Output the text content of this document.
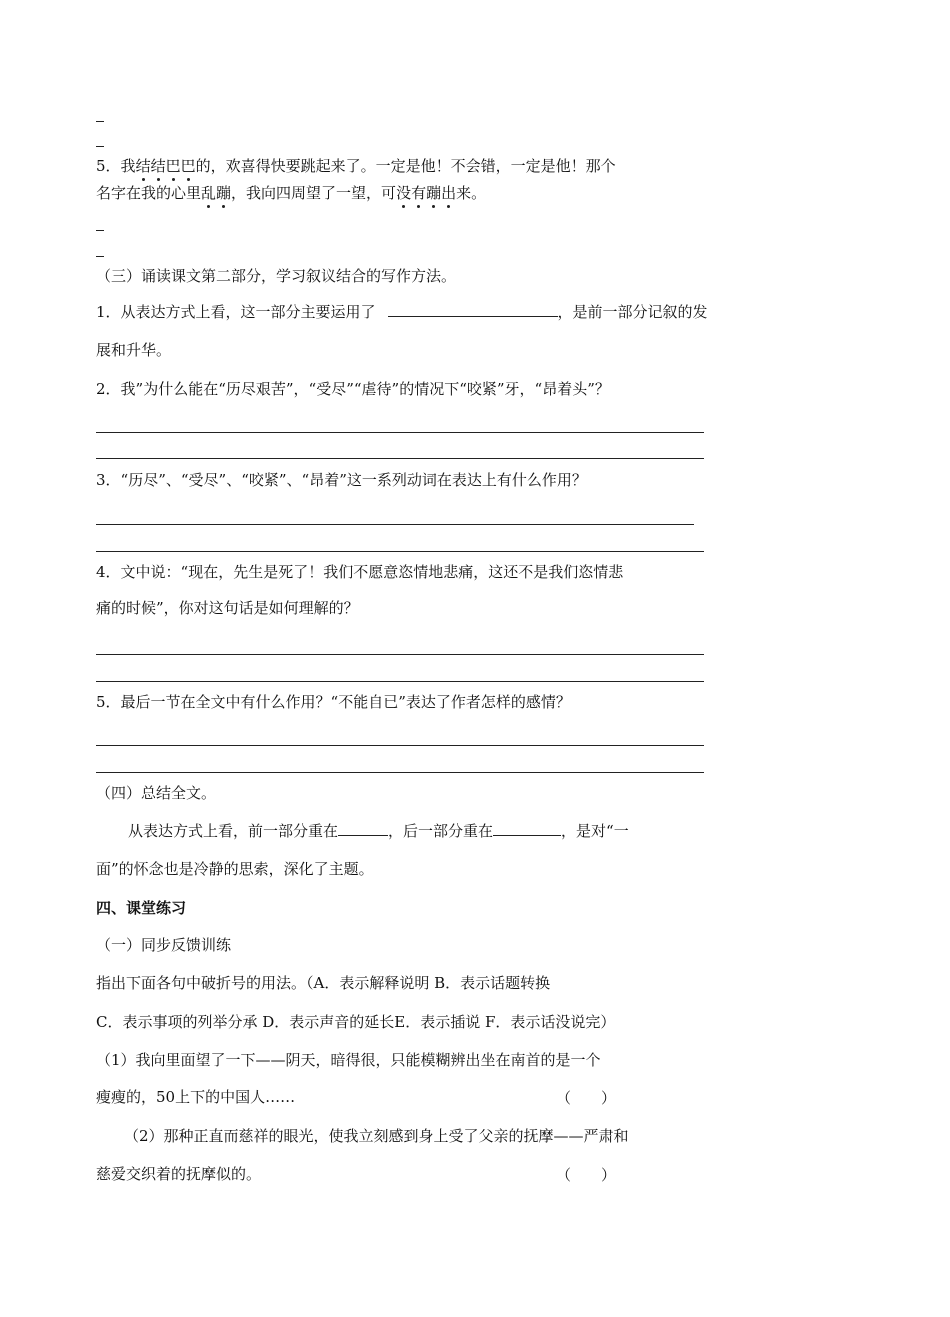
5．我结结巴巴的，欢喜得快要跳起来了。一定是他！不会错，一定是他！那个
名字在我的心里乱蹦，我向四周望了一望，可没有蹦出来。
（三）诵读课文第二部分，学习叙议结合的写作方法。
1．从表达方式上看，这一部分主要运用了	，是前一部分记叙的发
展和升华。
2．我”为什么能在“历尽艰苦”，“受尽”“虐待”的情况下“咬紧”牙，“昂着头”？
3．“历尽”、“受尽”、“咬紧”、“昂着”这一系列动词在表达上有什么作用？
4．文中说：“现在，先生是死了！我们不愿意恣情地悲痛，这还不是我们恣情悲
痛的时候”，你对这句话是如何理解的？
5．最后一节在全文中有什么作用？“不能自已”表达了作者怎样的感情？
（四）总结全文。
从表达方式上看，前一部分重在	，后一部分重在	，是对“一
面”的怀念也是冷静的思索，深化了主题。
四、课堂练习
（一）同步反馈训练
指出下面各句中破折号的用法。（A．表示解释说明 B．表示话题转换
C．表示事项的列举分承 D．表示声音的延长E．表示插说 F．表示话没说完）
（1）我向里面望了一下——阴天，暗得很，只能模糊辨出坐在南首的是一个
瘦瘦的，50上下的中国人……	（　　）
（2）那种正直而慈祥的眼光，使我立刻感到身上受了父亲的抚摩——严肃和
慈爱交织着的抚摩似的。	（　　）
